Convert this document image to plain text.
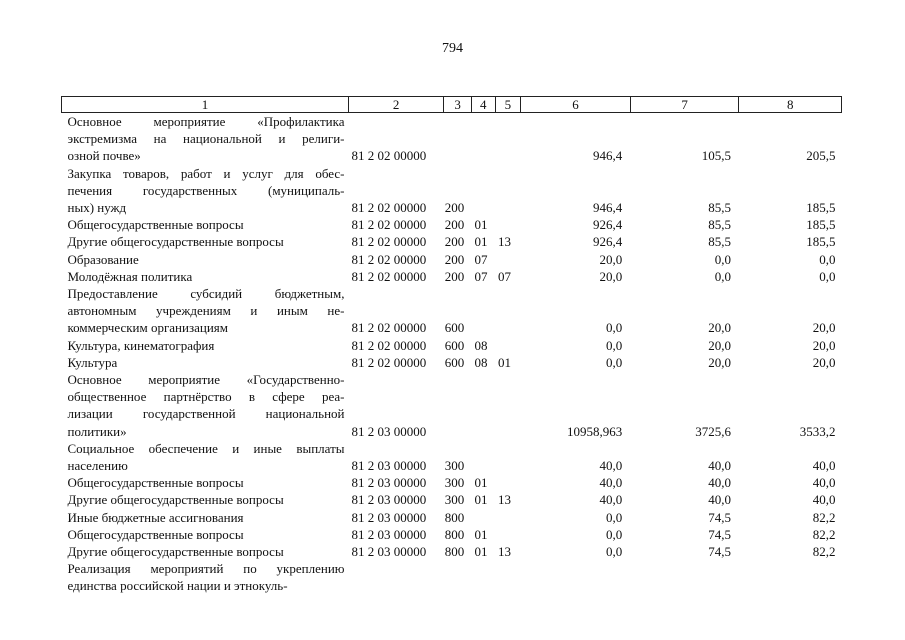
794
1	2	3	4	5	6	7	8

Основное мероприятие «Профилактика
экстремизма на национальной и религи-
озной почве»	81 2 02 00000				946,4	105,5	205,5

Закупка товаров, работ и услуг для обес-
печения государственных (муниципаль-
ных) нужд	81 2 02 00000	200			946,4	85,5	185,5

Общегосударственные вопросы	81 2 02 00000	200	01		926,4	85,5	185,5

Другие общегосударственные вопросы	81 2 02 00000	200	01	13	926,4	85,5	185,5

Образование	81 2 02 00000	200	07		20,0	0,0	0,0

Молодёжная политика	81 2 02 00000	200	07	07	20,0	0,0	0,0

Предоставление субсидий бюджетным,
автономным учреждениям и иным не-
коммерческим организациям	81 2 02 00000	600			0,0	20,0	20,0

Культура, кинематография	81 2 02 00000	600	08		0,0	20,0	20,0

Культура	81 2 02 00000	600	08	01	0,0	20,0	20,0

Основное мероприятие «Государственно-
общественное партнёрство в сфере реа-
лизации государственной национальной
политики»	81 2 03 00000				10958,963	3725,6	3533,2

Социальное обеспечение и иные выплаты
населению	81 2 03 00000	300			40,0	40,0	40,0

Общегосударственные вопросы	81 2 03 00000	300	01		40,0	40,0	40,0

Другие общегосударственные вопросы	81 2 03 00000	300	01	13	40,0	40,0	40,0

Иные бюджетные ассигнования	81 2 03 00000	800			0,0	74,5	82,2

Общегосударственные вопросы	81 2 03 00000	800	01		0,0	74,5	82,2

Другие общегосударственные вопросы	81 2 03 00000	800	01	13	0,0	74,5	82,2

Реализация мероприятий по укреплению
единства российской нации и этнокуль-							
